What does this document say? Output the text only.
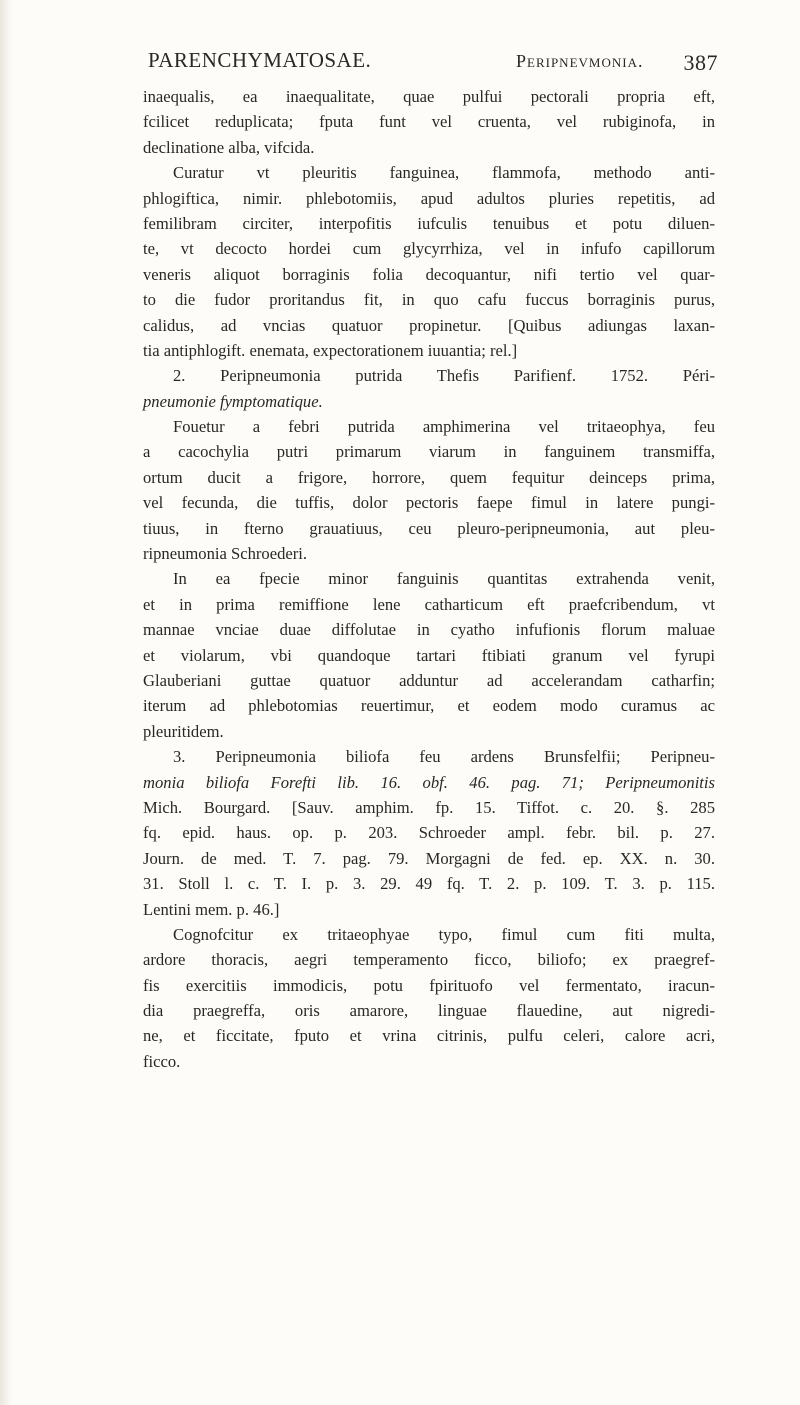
PARENCHYMATOSAE.	Peripnevmonia. 387
inaequalis, ea inaequalitate, quae pulfui pectorali propria eft,
fcilicet reduplicata; fputa funt vel cruenta, vel rubiginofa, in
declinatione alba, vifcida.
Curatur vt pleuritis fanguinea, flammofa, methodo anti-
phlogiftica, nimir. phlebotomiis, apud adultos pluries repetitis, ad
femilibram circiter, interpofitis iufculis tenuibus et potu diluen-
te, vt decocto hordei cum glycyrrhiza, vel in infufo capillorum
veneris aliquot borraginis folia decoquantur, nifi tertio vel quar-
to die fudor proritandus fit, in quo cafu fuccus borraginis purus,
calidus, ad vncias quatuor propinetur. [Quibus adiungas laxan-
tia antiphlogift. enemata, expectorationem iuuantia; rel.]
2. Peripneumonia putrida Thefis Parifienf. 1752. Péri-
pneumonie fymptomatique.
Fouetur a febri putrida amphimerina vel tritaeophya, feu
a cacochylia putri primarum viarum in fanguinem transmiffa,
ortum ducit a frigore, horrore, quem fequitur deinceps prima,
vel fecunda, die tuffis, dolor pectoris faepe fimul in latere pungi-
tiuus, in fterno grauatiuus, ceu pleuro-peripneumonia, aut pleu-
ripneumonia Schroederi.
In ea fpecie minor fanguinis quantitas extrahenda venit,
et in prima remiffione lene catharticum eft praefcribendum, vt
mannae vnciae duae diffolutae in cyatho infufionis florum maluae
et violarum, vbi quandoque tartari ftibiati granum vel fyrupi
Glauberiani guttae quatuor adduntur ad accelerandam catharfin;
iterum ad phlebotomias reuertimur, et eodem modo curamus ac
pleuritidem.
3. Peripneumonia biliofa feu ardens Brunsfelfii; Peripneu-
monia biliofa Forefti lib. 16. obf. 46. pag. 71; Peripneumonitis
Mich. Bourgard. [Sauv. amphim. fp. 15. Tiffot. c. 20. §. 285
fq. epid. haus. op. p. 203. Schroeder ampl. febr. bil. p. 27.
Journ. de med. T. 7. pag. 79. Morgagni de fed. ep. XX. n. 30.
31. Stoll l. c. T. I. p. 3. 29. 49 fq. T. 2. p. 109. T. 3. p. 115.
Lentini mem. p. 46.]
Cognofcitur ex tritaeophyae typo, fimul cum fiti multa,
ardore thoracis, aegri temperamento ficco, biliofo; ex praegref-
fis exercitiis immodicis, potu fpirituofo vel fermentato, iracun-
dia praegreffa, oris amarore, linguae flauedine, aut nigredi-
ne, et ficcitate, fputo et vrina citrinis, pulfu celeri, calore acri,
ficco.
